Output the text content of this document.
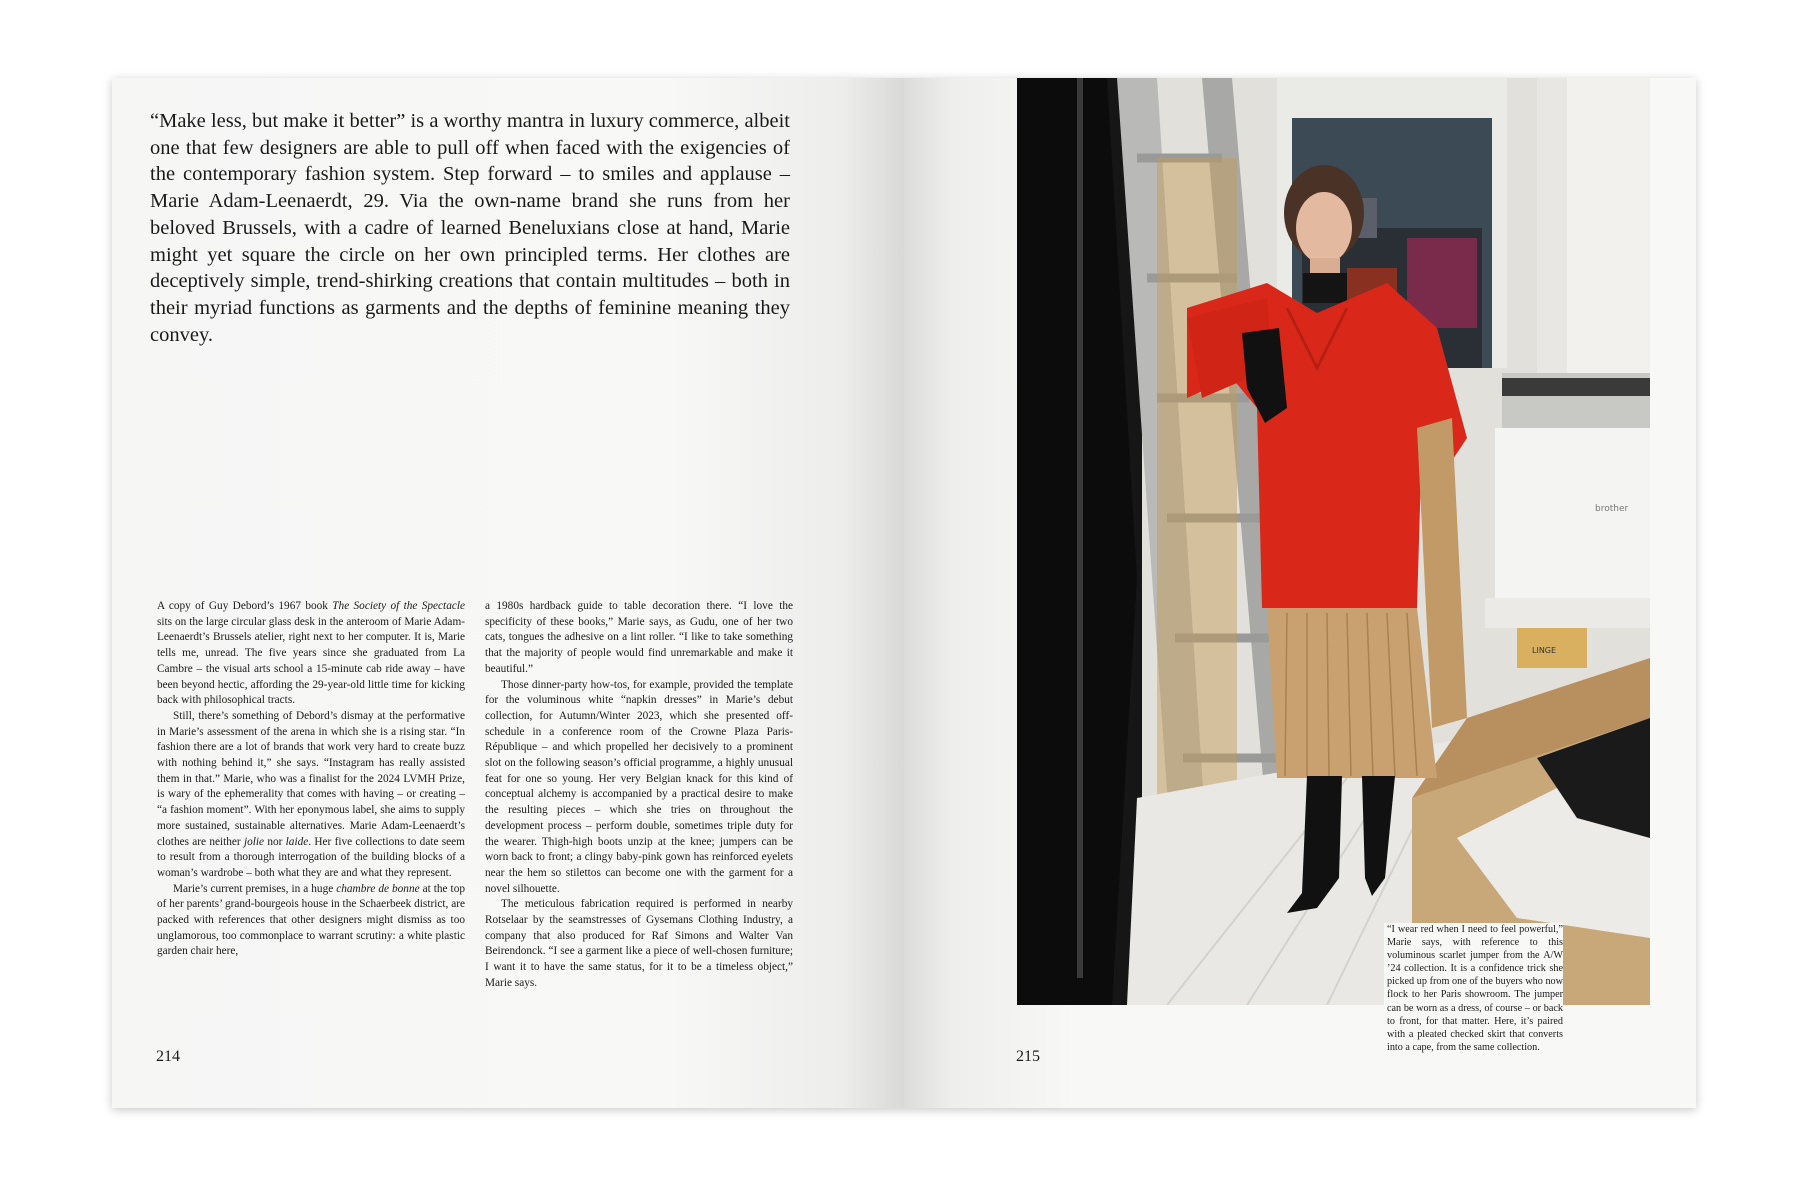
“Make less, but make it better” is a worthy mantra in luxury commerce, albeit one that few designers are able to pull off when faced with the exigencies of the contemporary fashion system. Step forward – to smiles and applause – Marie Adam-Leenaerdt, 29. Via the own-name brand she runs from her beloved Brussels, with a cadre of learned Beneluxians close at hand, Marie might yet square the circle on her own principled terms. Her clothes are deceptively simple, trend-shirking creations that contain multitudes – both in their myriad functions as garments and the depths of feminine meaning they convey.

A copy of Guy Debord’s 1967 book The Society of the Spectacle sits on the large circular glass desk in the anteroom of Marie Adam-Leenaerdt’s Brussels atelier, right next to her computer. It is, Marie tells me, unread. The five years since she graduated from La Cambre – the visual arts school a 15-minute cab ride away – have been beyond hectic, affording the 29-year-old little time for kicking back with philosophical tracts.

Still, there’s something of Debord’s dismay at the performative in Marie’s assessment of the arena in which she is a rising star. “In fashion there are a lot of brands that work very hard to create buzz with nothing behind it,” she says. “Instagram has really assisted them in that.” Marie, who was a finalist for the 2024 LVMH Prize, is wary of the ephemerality that comes with having – or creating – “a fashion moment”. With her eponymous label, she aims to supply more sustained, sustainable alternatives. Marie Adam-Leenaerdt’s clothes are neither jolie nor laide. Her five collections to date seem to result from a thorough interrogation of the building blocks of a woman’s wardrobe – both what they are and what they represent.

Marie’s current premises, in a huge chambre de bonne at the top of her parents’ grand-bourgeois house in the Schaerbeek district, are packed with references that other designers might dismiss as too unglamorous, too commonplace to warrant scrutiny: a white plastic garden chair here,

a 1980s hardback guide to table decoration there. “I love the specificity of these books,” Marie says, as Gudu, one of her two cats, tongues the adhesive on a lint roller. “I like to take something that the majority of people would find unremarkable and make it beautiful.”

Those dinner-party how-tos, for example, provided the template for the voluminous white “napkin dresses” in Marie’s debut collection, for Autumn/Winter 2023, which she presented off-schedule in a conference room of the Crowne Plaza Paris-République – and which propelled her decisively to a prominent slot on the following season’s official programme, a highly unusual feat for one so young. Her very Belgian knack for this kind of conceptual alchemy is accompanied by a practical desire to make the resulting pieces – which she tries on throughout the development process – perform double, sometimes triple duty for the wearer. Thigh-high boots unzip at the knee; jumpers can be worn back to front; a clingy baby-pink gown has reinforced eyelets near the hem so stilettos can become one with the garment for a novel silhouette.

The meticulous fabrication required is performed in nearby Rotselaar by the seamstresses of Gysemans Clothing Industry, a company that also produced for Raf Simons and Walter Van Beirendonck. “I see a garment like a piece of well-chosen furniture; I want it to have the same status, for it to be a timeless object,” Marie says.

214
brother
LINGE
215

“I wear red when I need to feel powerful,” Marie says, with reference to this voluminous scarlet jumper from the A/W ’24 collection. It is a confidence trick she picked up from one of the buyers who now flock to her Paris showroom. The jumper can be worn as a dress, of course – or back to front, for that matter. Here, it’s paired with a pleated checked skirt that converts into a cape, from the same collection.
